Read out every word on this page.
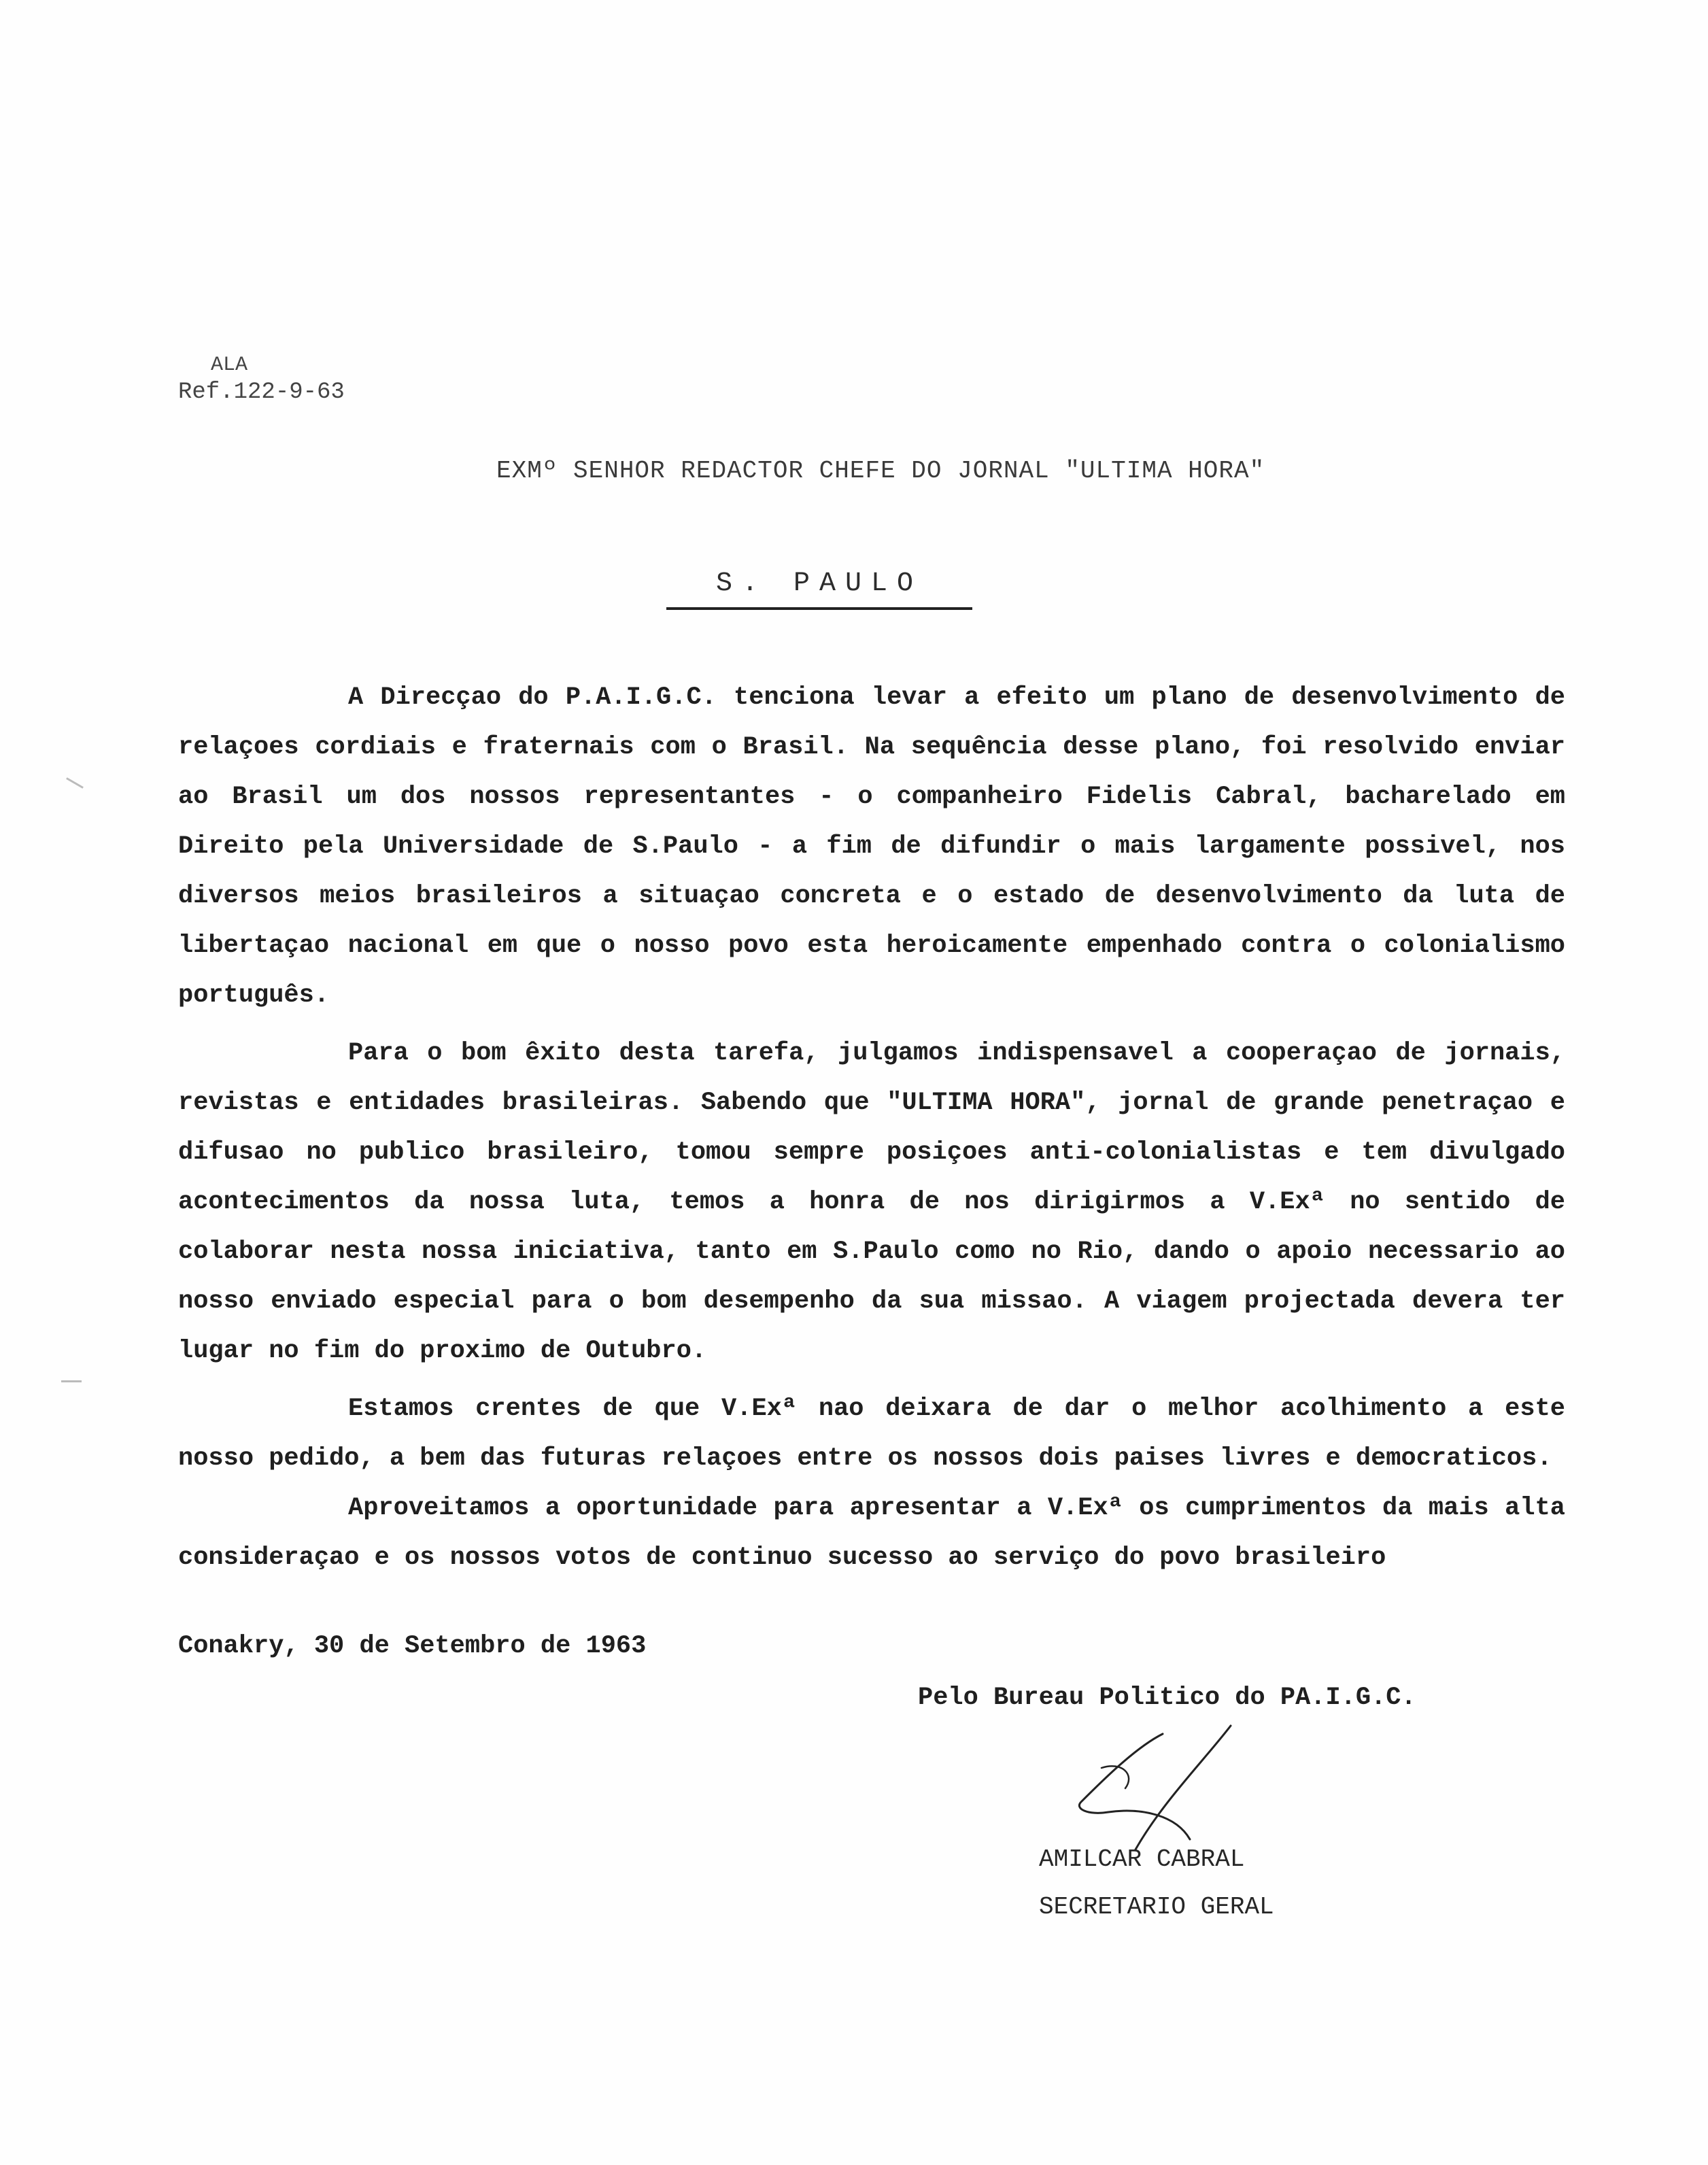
ALA
Ref.122-9-63
EXMº SENHOR REDACTOR CHEFE DO JORNAL "ULTIMA HORA"
S. PAULO

A Direcçao do P.A.I.G.C. tenciona levar a efeito um plano de desenvolvimento de relaçoes cordiais e fraternais com o Brasil. Na sequência desse plano, foi resolvido enviar ao Brasil um dos nossos representantes - o companheiro Fidelis Cabral, bacharelado em Direito pela Universidade de S.Paulo - a fim de difundir o mais largamente possivel, nos diversos meios brasileiros a situaçao concreta e o estado de desenvolvimento da luta de libertaçao nacional em que o nosso povo esta heroicamente empenhado contra o colonialismo português.

Para o bom êxito desta tarefa, julgamos indispensavel a cooperaçao de jornais, revistas e entidades brasileiras. Sabendo que "ULTIMA HORA", jornal de grande penetraçao e difusao no publico brasileiro, tomou sempre posiçoes anti-colonialistas e tem divulgado acontecimentos da nossa luta, temos a honra de nos dirigirmos a V.Exª no sentido de colaborar nesta nossa iniciativa, tanto em S.Paulo como no Rio, dando o apoio necessario ao nosso enviado especial para o bom desempenho da sua missao. A viagem projectada devera ter lugar no fim do proximo de Outubro.

Estamos crentes de que V.Exª nao deixara de dar o melhor acolhimento a este nosso pedido, a bem das futuras relaçoes entre os nossos dois paises livres e democraticos.

Aproveitamos a oportunidade para apresentar a V.Exª os cumprimentos da mais alta consideraçao e os nossos votos de continuo sucesso ao serviço do povo brasileiro

Conakry, 30 de Setembro de 1963
Pelo Bureau Politico do PA.I.G.C.
AMILCAR CABRAL
SECRETARIO GERAL
